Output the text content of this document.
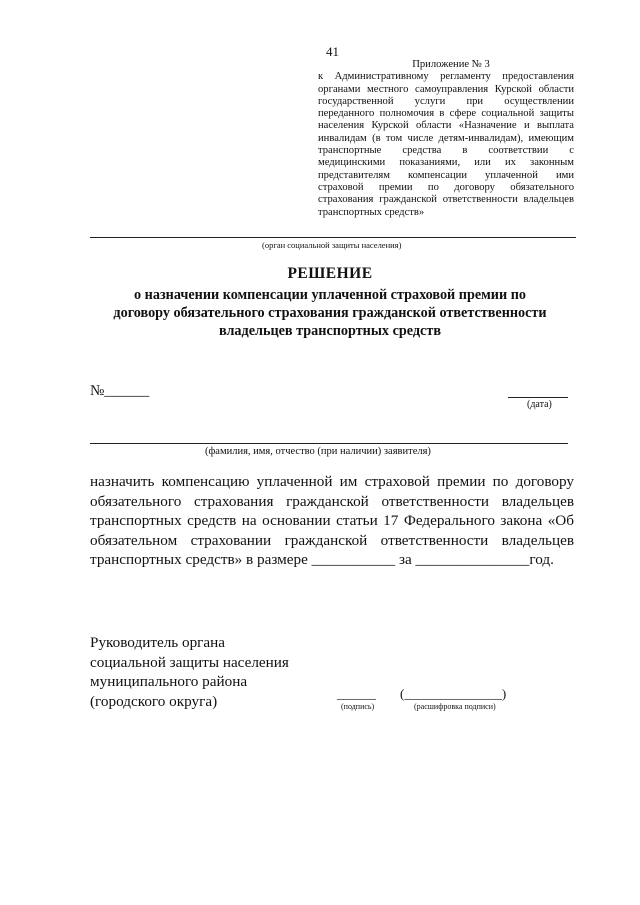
41
Приложение № 3
к Административному регламенту предоставления
органами местного самоуправления Курской области
государственной услуги при осуществлении
переданного полномочия в сфере социальной защиты
населения Курской области «Назначение и выплата
инвалидам (в том числе детям-инвалидам), имеющим
транспортные средства в соответствии с
медицинскими показаниями, или их законным
представителям компенсации уплаченной ими
страховой премии по договору обязательного
страхования гражданской ответственности владельцев
транспортных средств»
(орган социальной защиты населения)
РЕШЕНИЕ
о назначении компенсации уплаченной страховой премии по
договору обязательного страхования гражданской ответственности
владельцев транспортных средств
№______
(дата)
(фамилия, имя, отчество (при наличии) заявителя)
назначить компенсацию уплаченной им страховой премии по договору
обязательного страхования гражданской ответственности владельцев
транспортных средств на основании статьи 17 Федерального закона «Об
обязательном страховании гражданской ответственности владельцев
транспортных средств» в размере ___________ за _______________год.
Руководитель органа
социальной защиты населения
муниципального района
(городского округа)	______ (_______________)
(подпись)	(расшифровка подписи)
